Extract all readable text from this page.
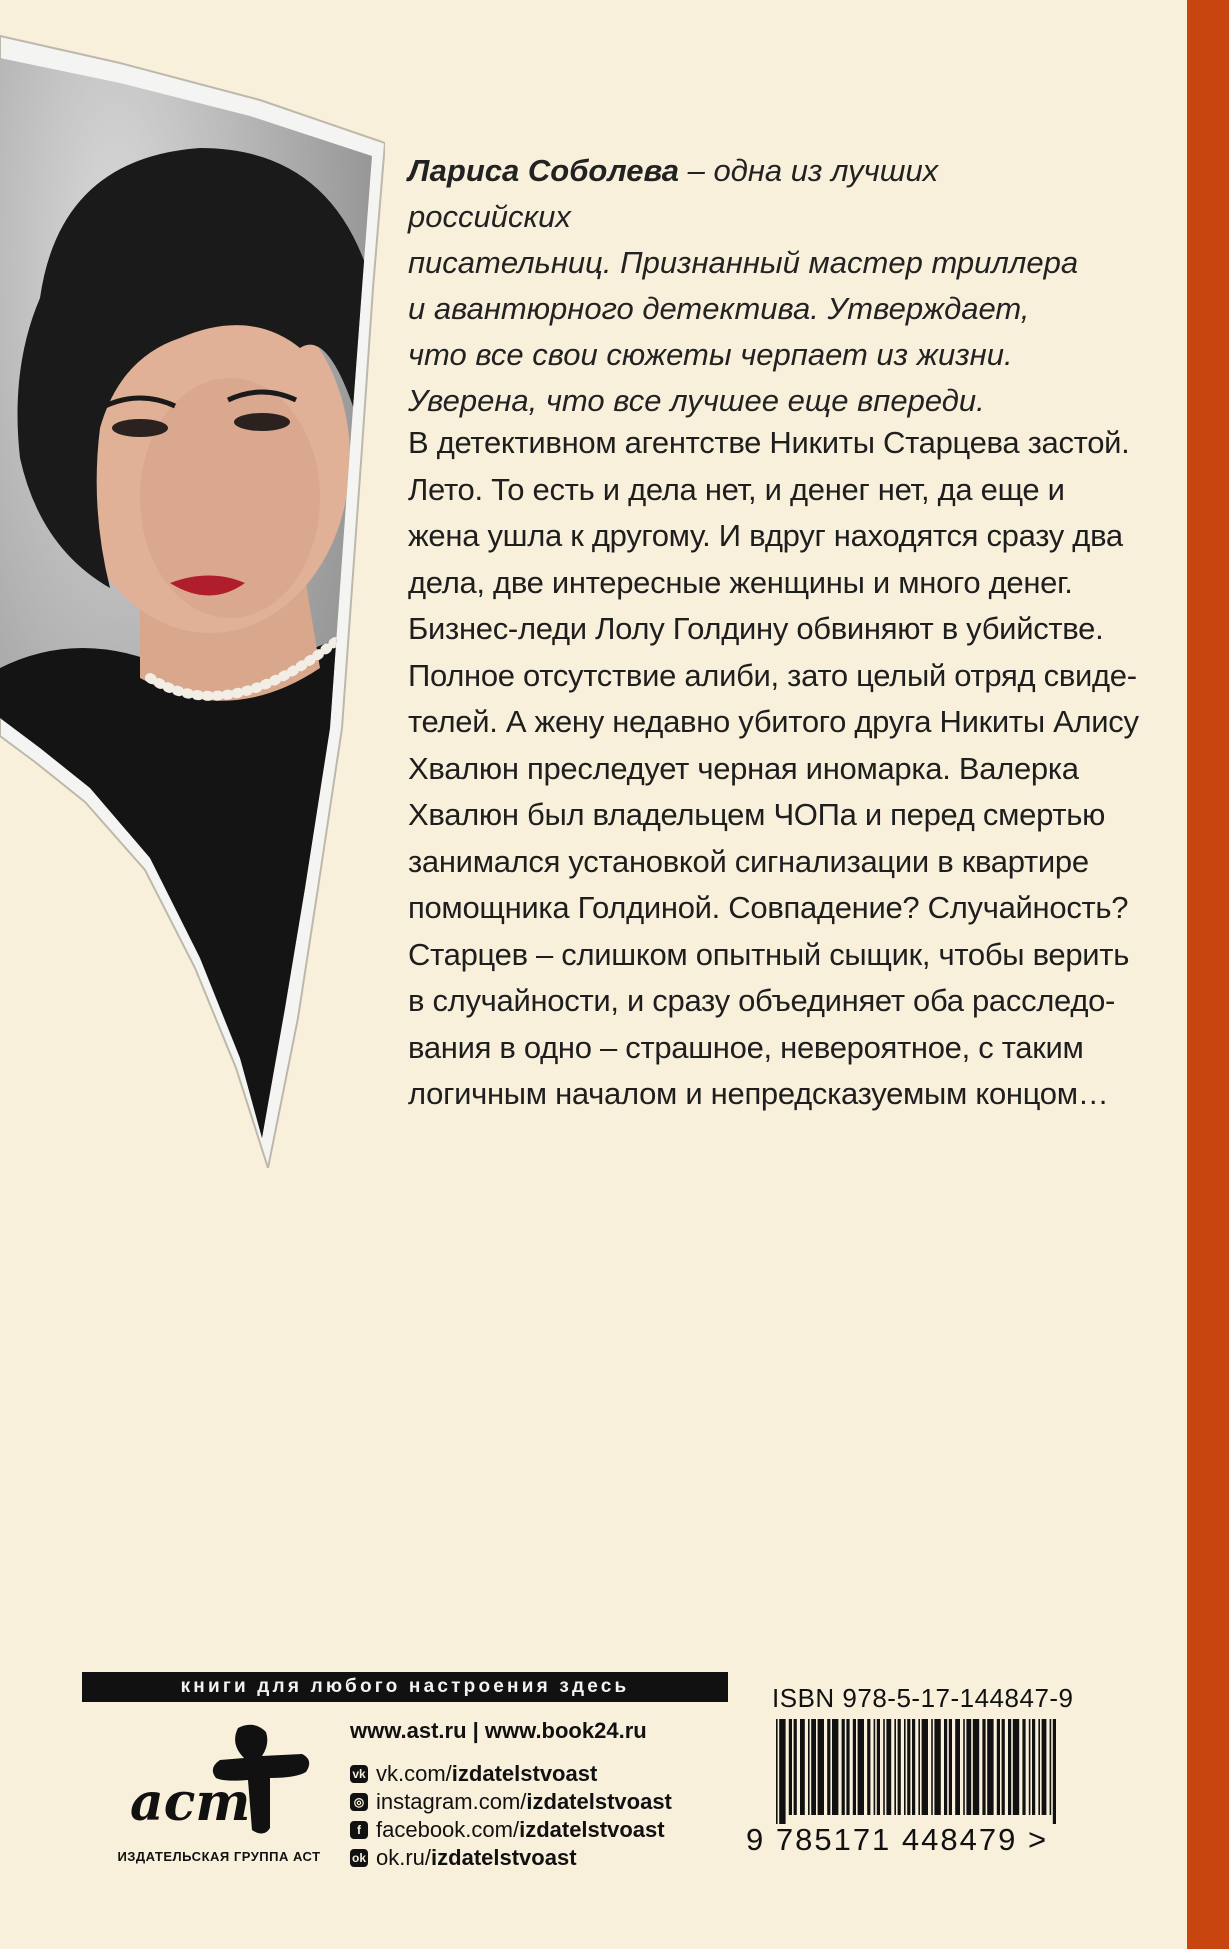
Лариса Соболева – одна из лучших российских
писательниц. Признанный мастер триллера
и авантюрного детектива. Утверждает,
что все свои сюжеты черпает из жизни.
Уверена, что все лучшее еще впереди.
В детективном агентстве Никиты Старцева застой.
Лето. То есть и дела нет, и денег нет, да еще и
жена ушла к другому. И вдруг находятся сразу два
дела, две интересные женщины и много денег.
Бизнес-леди Лолу Голдину обвиняют в убийстве.
Полное отсутствие алиби, зато целый отряд свиде-
телей. А жену недавно убитого друга Никиты Алису
Хвалюн преследует черная иномарка. Валерка
Хвалюн был владельцем ЧОПа и перед смертью
занимался установкой сигнализации в квартире
помощника Голдиной. Совпадение? Случайность?
Старцев – слишком опытный сыщик, чтобы верить
в случайности, и сразу объединяет оба расследо-
вания в одно – страшное, невероятное, с таким
логичным началом и непредсказуемым концом…
книги для любого настроения здесь
аст
ИЗДАТЕЛЬСКАЯ ГРУППА АСТ
www.ast.ru | www.book24.ru
vk vk.com/ izdatelstvoast
◎ instagram.com/ izdatelstvoast
f facebook.com/ izdatelstvoast
ok ok.ru/ izdatelstvoast
ISBN 978-5-17-144847-9
9 785171 448479 >
